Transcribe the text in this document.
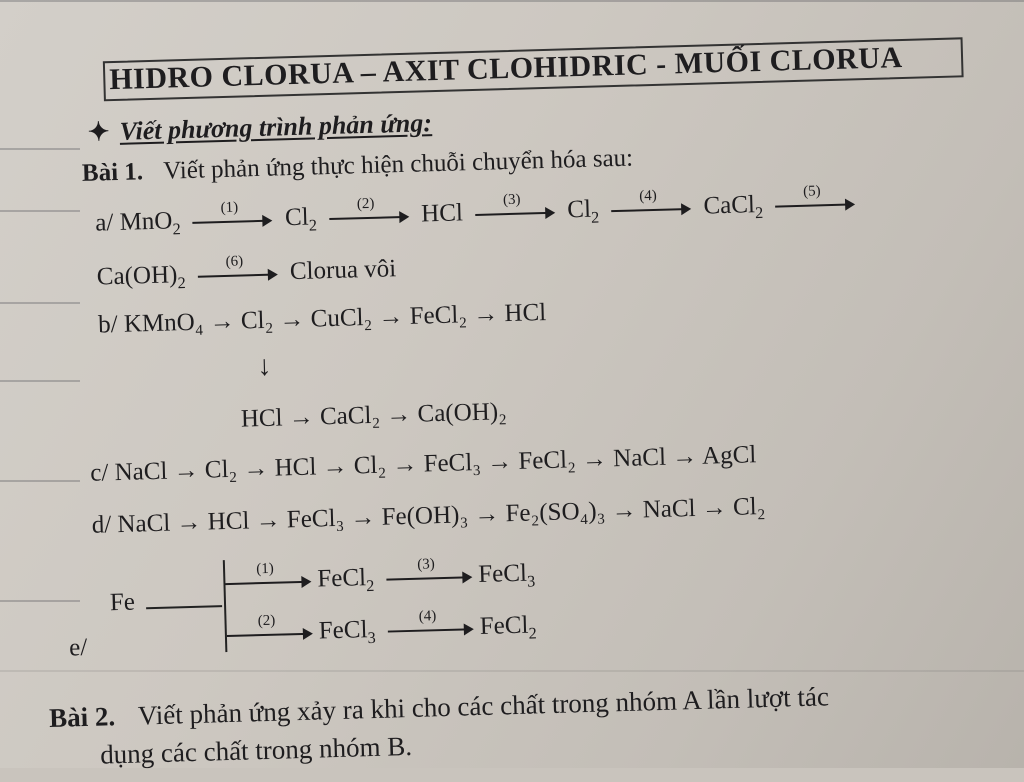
HIDRO CLORUA – AXIT CLOHIDRIC - MUỐI CLORUA
✦ Viết phương trình phản ứng:
Bài 1. Viết phản ứng thực hiện chuỗi chuyển hóa sau:
a/ MnO$_2$
(1)	$Cl_2$
(2)	HCl	(3)	$Cl_2$
(4)	CaCl$_2$
(5)
$Ca(OH)_2$
(6)	Clorua vôi
b/ KMnO₄ → Cl₂ → CuCl₂ → FeCl₂ → HCl
↓
HCl → CaCl₂ → Ca(OH)₂
c/ NaCl → Cl₂ → HCl → Cl₂ → FeCl₃ → FeCl₂ → NaCl → AgCl
d/ NaCl → HCl → FeCl₃ → Fe(OH)₃ → Fe₂(SO₄)₃ → NaCl → Cl₂
Fe
e/
(1)	FeCl$_2$
(3)	FeCl$_3$
(2)	FeCl$_3$
(4)	FeCl$_2$
Bài 2. Viết phản ứng xảy ra khi cho các chất trong nhóm A lần lượt tác
dụng các chất trong nhóm B.
